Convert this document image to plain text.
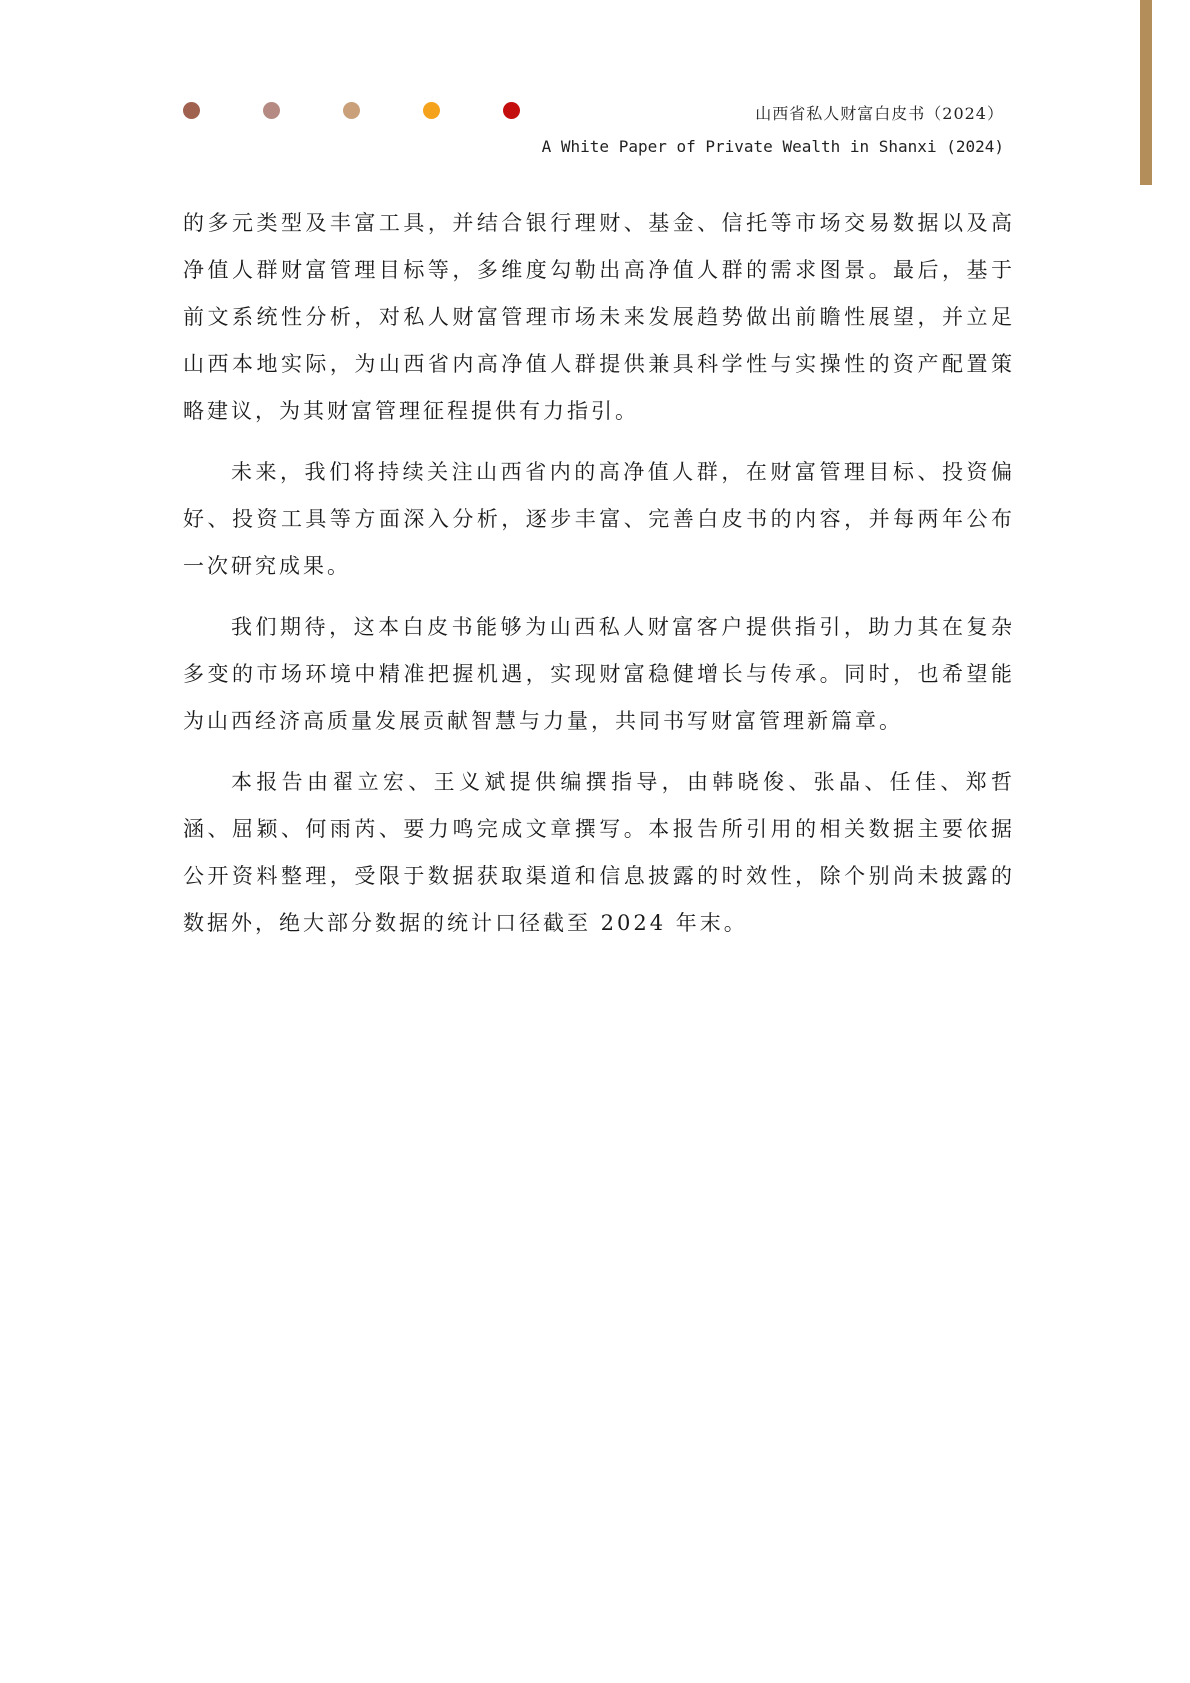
山西省私人财富白皮书（2024）
A White Paper of Private Wealth in Shanxi (2024)

的多元类型及丰富工具，并结合银行理财、基金、信托等市场交易数据以及高净值人群财富管理目标等，多维度勾勒出高净值人群的需求图景。最后，基于前文系统性分析，对私人财富管理市场未来发展趋势做出前瞻性展望，并立足山西本地实际，为山西省内高净值人群提供兼具科学性与实操性的资产配置策略建议，为其财富管理征程提供有力指引。

未来，我们将持续关注山西省内的高净值人群，在财富管理目标、投资偏好、投资工具等方面深入分析，逐步丰富、完善白皮书的内容，并每两年公布一次研究成果。

我们期待，这本白皮书能够为山西私人财富客户提供指引，助力其在复杂多变的市场环境中精准把握机遇，实现财富稳健增长与传承。同时，也希望能为山西经济高质量发展贡献智慧与力量，共同书写财富管理新篇章。

本报告由翟立宏、王义斌提供编撰指导，由韩晓俊、张晶、任佳、郑哲涵、屈颖、何雨芮、要力鸣完成文章撰写。本报告所引用的相关数据主要依据公开资料整理，受限于数据获取渠道和信息披露的时效性，除个别尚未披露的数据外，绝大部分数据的统计口径截至 2024 年末。
